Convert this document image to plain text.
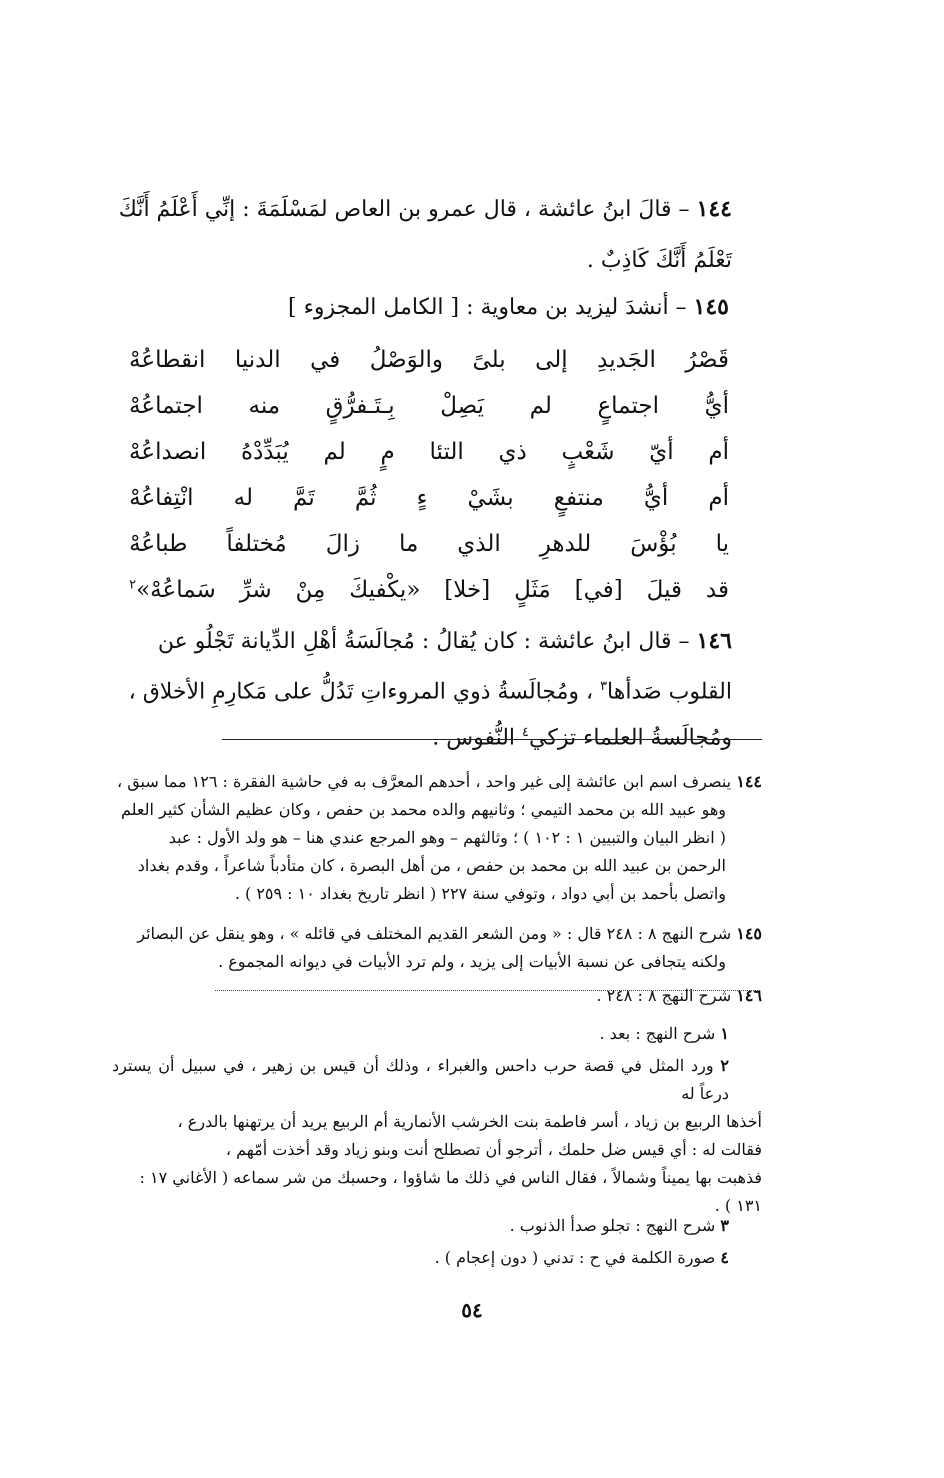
١٤٤ – قالَ ابنُ عائشة ، قال عمرو بن العاص لمَسْلَمَةَ : إنِّي أَعْلَمُ أَنَّكَ
تَعْلَمُ أَنَّكَ كَاذِبٌ .
١٤٥ – أنشدَ ليزيد بن معاوية : [ الكامل المجزوء ]
قَصْرُ
الجَديدِ
إلى
بلىً
والوَصْلُ
في
الدنيا
انقطاعُهْ
أيُّ
اجتماعٍ
لم
يَصِلْ
بِـتَـفرُّقٍ
منه
اجتماعُهْ
أم
أيّ
شَعْبٍ
ذي
التئا
مٍ
لم
يُبَدِّدْهُ
انصداعُهْ
أم
أيُّ
منتفعٍ
بشَيْ
ءٍ
ثُمَّ
تَمَّ
له
انْتِفاعُهْ
يا
بُؤْسَ
للدهرِ
الذي
ما
زالَ
مُختلفاً
طباعُهْ
قد
قيلَ
[في]
مَثَلٍ
[خلا]
«يكْفيكَ
مِنْ
شرِّ
سَماعُهْ»$^٢$
١٤٦ – قال ابنُ عائشة : كان يُقالُ : مُجالَسَةُ أهْلِ الدِّيانة تَجْلُو عن
القلوب صَدأها$^٣$ ، ومُجالَسةُ ذوي المروءاتِ تَدُلُّ على مَكارِمِ الأخلاق ،
ومُجالَسةُ العلماء تزكي$^٤$ النُّفوس .
١٤٤ ينصرف اسم ابن عائشة إلى غير واحد ، أحدهم المعرَّف به في حاشية الفقرة : ١٢٦ مما سبق ،
وهو عبيد الله بن محمد التيمي ؛ وثانيهم والده محمد بن حفص ، وكان عظيم الشأن كثير العلم
( انظر البيان والتبيين ١ : ١٠٢ ) ؛ وثالثهم – وهو المرجع عندي هنا – هو ولد الأول : عبد
الرحمن بن عبيد الله بن محمد بن حفص ، من أهل البصرة ، كان متأدباً شاعراً ، وقدم بغداد
واتصل بأحمد بن أبي دواد ، وتوفي سنة ٢٢٧ ( انظر تاريخ بغداد ١٠ : ٢٥٩ ) .
١٤٥ شرح النهج ٨ : ٢٤٨ قال : « ومن الشعر القديم المختلف في قائله » ، وهو ينقل عن البصائر
ولكنه يتجافى عن نسبة الأبيات إلى يزيد ، ولم ترد الأبيات في ديوانه المجموع .
١٤٦ شرح النهج ٨ : ٢٤٨ .
١ شرح النهج : بعد .
٢ ورد المثل في قصة حرب داحس والغبراء ، وذلك أن قيس بن زهير ، في سبيل أن يسترد درعاً له
أخذها الربيع بن زياد ، أسر فاطمة بنت الخرشب الأنمارية أم الربيع يريد أن يرتهنها بالدرع ،
فقالت له : أي قيس ضل حلمك ، أترجو أن تصطلح أنت وبنو زياد وقد أخذت أمّهم ،
فذهبت بها يميناً وشمالاً ، فقال الناس في ذلك ما شاؤوا ، وحسبك من شر سماعه ( الأغاني ١٧ :
١٣١ ) .
٣ شرح النهج : تجلو صدأ الذنوب .
٤ صورة الكلمة في ح : تدني ( دون إعجام ) .
٥٤
